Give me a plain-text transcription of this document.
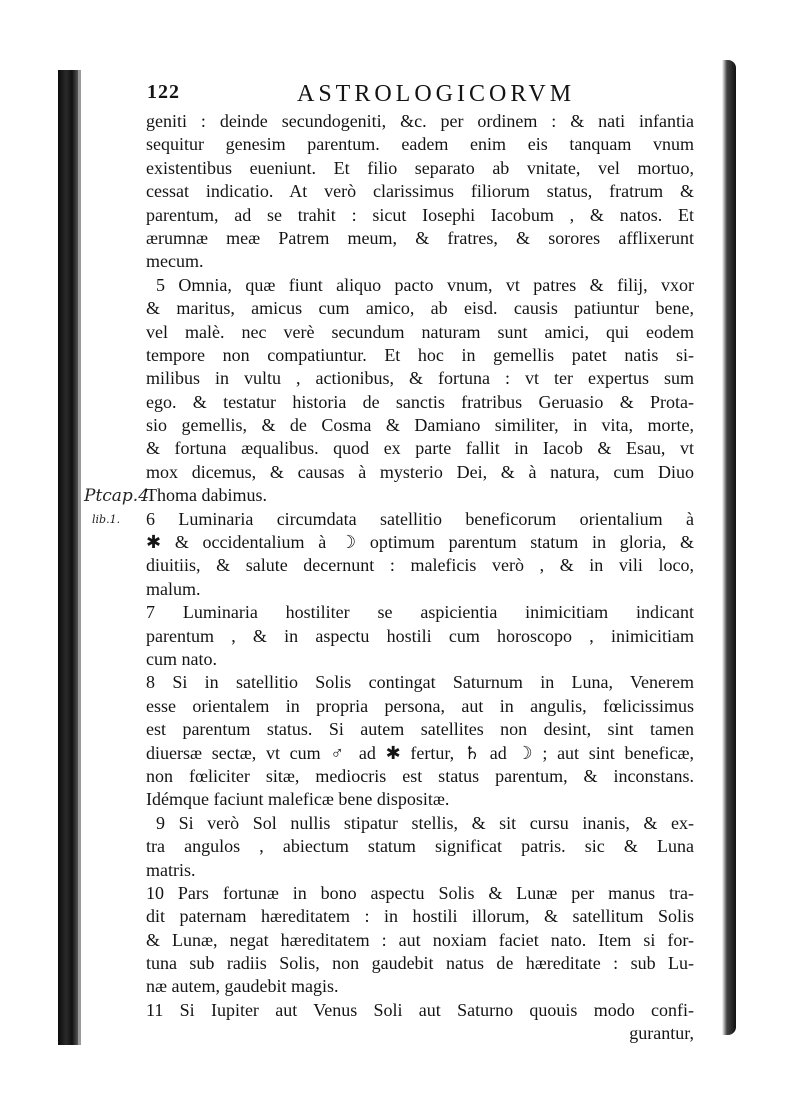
122	ASTROLOGICORVM
Ptcap.4
lib.1.
geniti : deinde secundogeniti, &c. per ordinem : & nati infantia
sequitur genesim parentum. eadem enim eis tanquam vnum
existentibus eueniunt. Et filio separato ab vnitate, vel mortuo,
cessat indicatio. At verò clarissimus filiorum status, fratrum &
parentum, ad se trahit : sicut Iosephi Iacobum , & natos. Et
ærumnæ meæ Patrem meum, & fratres, & sorores afflixerunt
mecum.
5 Omnia, quæ fiunt aliquo pacto vnum, vt patres & filij, vxor
& maritus, amicus cum amico, ab eisd. causis patiuntur bene,
vel malè. nec verè secundum naturam sunt amici, qui eodem
tempore non compatiuntur. Et hoc in gemellis patet natis si-
milibus in vultu , actionibus, & fortuna : vt ter expertus sum
ego. & testatur historia de sanctis fratribus Geruasio & Prota-
sio gemellis, & de Cosma & Damiano similiter, in vita, morte,
& fortuna æqualibus. quod ex parte fallit in Iacob & Esau, vt
mox dicemus, & causas à mysterio Dei, & à natura, cum Diuo
Thoma dabimus.
6 Luminaria circumdata satellitio beneficorum orientalium à
✱ & occidentalium à ☽ optimum parentum statum in gloria, &
diuitiis, & salute decernunt : maleficis verò , & in vili loco,
malum.
7 Luminaria hostiliter se aspicientia inimicitiam indicant
parentum , & in aspectu hostili cum horoscopo , inimicitiam
cum nato.
8 Si in satellitio Solis contingat Saturnum in Luna, Venerem
esse orientalem in propria persona, aut in angulis, fœlicissimus
est parentum status. Si autem satellites non desint, sint tamen
diuersæ sectæ, vt cum ♂ ad ✱ fertur, ♄ ad ☽ ; aut sint beneficæ,
non fœliciter sitæ, mediocris est status parentum, & inconstans.
Idémque faciunt maleficæ bene dispositæ.
9 Si verò Sol nullis stipatur stellis, & sit cursu inanis, & ex-
tra angulos , abiectum statum significat patris. sic & Luna
matris.
10 Pars fortunæ in bono aspectu Solis & Lunæ per manus tra-
dit paternam hæreditatem : in hostili illorum, & satellitum Solis
& Lunæ, negat hæreditatem : aut noxiam faciet nato. Item si for-
tuna sub radiis Solis, non gaudebit natus de hæreditate : sub Lu-
næ autem, gaudebit magis.
11 Si Iupiter aut Venus Soli aut Saturno quouis modo confi-
gurantur,
